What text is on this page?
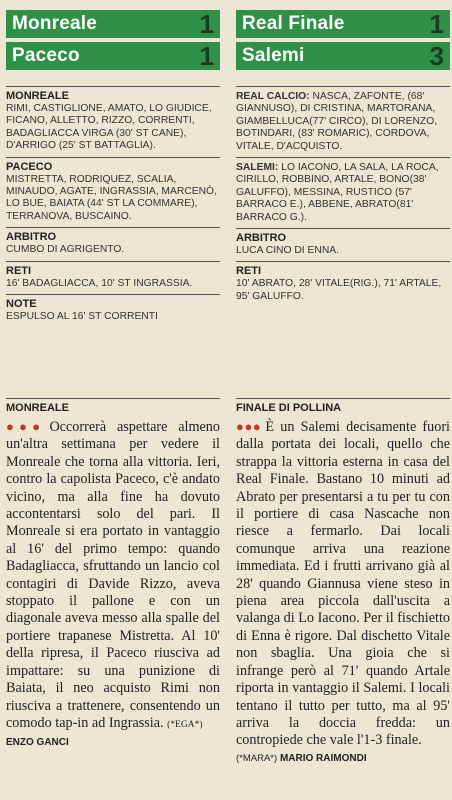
Monreale	1
Paceco	1
MONREALE
RIMI, CASTIGLIONE, AMATO, LO GIUDICE, FICANO, ALLETTO, RIZZO, CORRENTI, BADAGLIACCA VIRGA (30' ST CANE), D'ARRIGO (25' ST BATTAGLIA).
PACECO
MISTRETTA, RODRIQUEZ, SCALIA, MINAUDO, AGATE, INGRASSIA, MARCENÒ, LO BUE, BAIATA (44' ST LA COMMARE), TERRANOVA, BUSCAINO.
ARBITRO
CUMBO DI AGRIGENTO.
RETI
16' BADAGLIACCA, 10' ST INGRASSIA.
NOTE
ESPULSO AL 16' ST CORRENTI
Real Finale	1
Salemi	3
REAL CALCIO: NASCA, ZAFONTE, (68' GIANNUSO), DI CRISTINA, MARTORANA, GIAMBELLUCA(77' CIRCO), DI LORENZO, BOTINDARI, (83' ROMARIC), CORDOVA, VITALE, D'ACQUISTO.
SALEMI: LO IACONO, LA SALA, LA ROCA, CIRILLO, ROBBINO, ARTALE, BONO(38' GALUFFO), MESSINA, RUSTICO (57' BARRACO E.), ABBENE, ABRATO(81' BARRACO G.).
ARBITRO
LUCA CINO DI ENNA.
RETI
10' ABRATO, 28' VITALE(RIG.), 71' ARTALE, 95' GALUFFO.
MONREALE
●●● Occorrerà aspettare almeno un'altra settimana per vedere il Monreale che torna alla vittoria. Ieri, contro la capolista Paceco, c'è andato vicino, ma alla fine ha dovuto accontentarsi solo del pari. Il Monreale si era portato in vantaggio al 16' del primo tempo: quando Badagliacca, sfruttando un lancio col contagiri di Davide Rizzo, aveva stoppato il pallone e con un diagonale aveva messo alla spalle del portiere trapanese Mistretta. Al 10' della ripresa, il Paceco riusciva ad impattare: su una punizione di Baiata, il neo acquisto Rimi non riusciva a trattenere, consentendo un comodo tap-in ad Ingrassia. (*EGA*)
ENZO GANCI
FINALE DI POLLINA
●●● È un Salemi decisamente fuori dalla portata dei locali, quello che strappa la vittoria esterna in casa del Real Finale. Bastano 10 minuti ad Abrato per presentarsi a tu per tu con il portiere di casa Nascache non riesce a fermarlo. Dai locali comunque arriva una reazione immediata. Ed i frutti arrivano già al 28' quando Giannusa viene steso in piena area piccola dall'uscita a valanga di Lo Iacono. Per il fischietto di Enna è rigore. Dal dischetto Vitale non sbaglia. Una gioia che si infrange però al 71' quando Artale riporta in vantaggio il Salemi. I locali tentano il tutto per tutto, ma al 95' arriva la doccia fredda: un contropiede che vale l'1-3 finale.
(*MARA*) MARIO RAIMONDI
